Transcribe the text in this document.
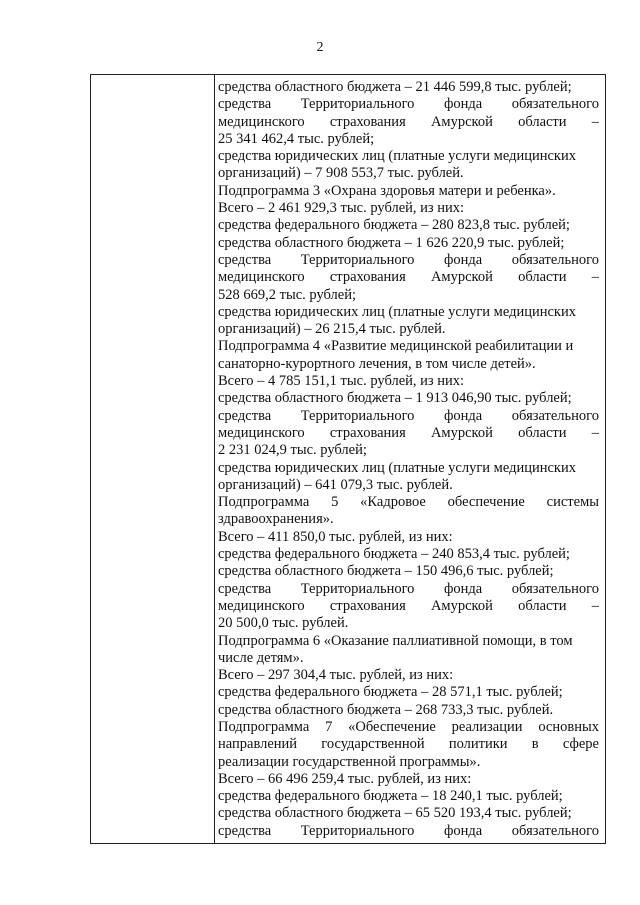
2
средства областного бюджета – 21 446 599,8 тыс. рублей;
средства Территориального фонда обязательного
медицинского страхования Амурской области –
25 341 462,4 тыс. рублей;
средства юридических лиц (платные услуги медицинских
организаций) – 7 908 553,7 тыс. рублей.
Подпрограмма 3 «Охрана здоровья матери и ребенка».
Всего – 2 461 929,3 тыс. рублей, из них:
средства федерального бюджета – 280 823,8 тыс. рублей;
средства областного бюджета – 1 626 220,9 тыс. рублей;
средства Территориального фонда обязательного
медицинского страхования Амурской области –
528 669,2 тыс. рублей;
средства юридических лиц (платные услуги медицинских
организаций) – 26 215,4 тыс. рублей.
Подпрограмма 4 «Развитие медицинской реабилитации и
санаторно-курортного лечения, в том числе детей».
Всего – 4 785 151,1 тыс. рублей, из них:
средства областного бюджета – 1 913 046,90 тыс. рублей;
средства Территориального фонда обязательного
медицинского страхования Амурской области –
2 231 024,9 тыс. рублей;
средства юридических лиц (платные услуги медицинских
организаций) – 641 079,3 тыс. рублей.
Подпрограмма 5 «Кадровое обеспечение системы
здравоохранения».
Всего – 411 850,0 тыс. рублей, из них:
средства федерального бюджета – 240 853,4 тыс. рублей;
средства областного бюджета – 150 496,6 тыс. рублей;
средства Территориального фонда обязательного
медицинского страхования Амурской области –
20 500,0 тыс. рублей.
Подпрограмма 6 «Оказание паллиативной помощи, в том
числе детям».
Всего – 297 304,4 тыс. рублей, из них:
средства федерального бюджета – 28 571,1 тыс. рублей;
средства областного бюджета – 268 733,3 тыс. рублей.
Подпрограмма 7 «Обеспечение реализации основных
направлений государственной политики в сфере
реализации государственной программы».
Всего – 66 496 259,4 тыс. рублей, из них:
средства федерального бюджета – 18 240,1 тыс. рублей;
средства областного бюджета – 65 520 193,4 тыс. рублей;
средства Территориального фонда обязательного
